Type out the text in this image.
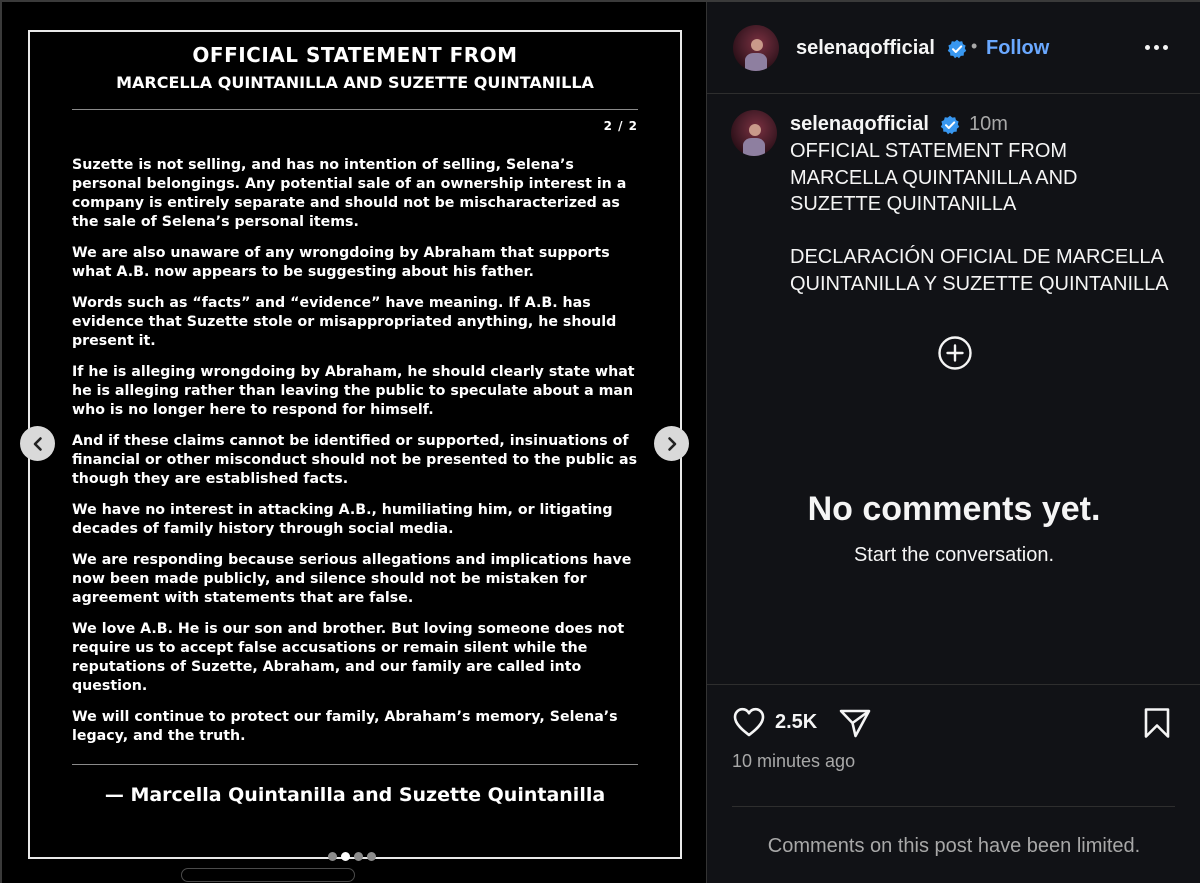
OFFICIAL STATEMENT FROM
MARCELLA QUINTANILLA AND SUZETTE QUINTANILLA
2 / 2

Suzette is not selling, and has no intention of selling, Selena’s personal belongings. Any potential sale of an ownership interest in a company is entirely separate and should not be mischaracterized as the sale of Selena’s personal items.

We are also unaware of any wrongdoing by Abraham that supports what A.B. now appears to be suggesting about his father.

Words such as “facts” and “evidence” have meaning. If A.B. has evidence that Suzette stole or misappropriated anything, he should present it.

If he is alleging wrongdoing by Abraham, he should clearly state what he is alleging rather than leaving the public to speculate about a man who is no longer here to respond for himself.

And if these claims cannot be identified or supported, insinuations of financial or other misconduct should not be presented to the public as though they are established facts.

We have no interest in attacking A.B., humiliating him, or litigating decades of family history through social media.

We are responding because serious allegations and implications have now been made publicly, and silence should not be mistaken for agreement with statements that are false.

We love A.B. He is our son and brother. But loving someone does not require us to accept false accusations or remain silent while the reputations of Suzette, Abraham, and our family are called into question.

We will continue to protect our family, Abraham’s memory, Selena’s legacy, and the truth.

— Marcella Quintanilla and Suzette Quintanilla
selenaqofficial • Follow
selenaqofficial 10m
OFFICIAL STATEMENT FROM
MARCELLA QUINTANILLA AND
SUZETTE QUINTANILLA
DECLARACIÓN OFICIAL DE MARCELLA
QUINTANILLA Y SUZETTE QUINTANILLA
No comments yet.
Start the conversation.
2.5K
10 minutes ago
Comments on this post have been limited.
